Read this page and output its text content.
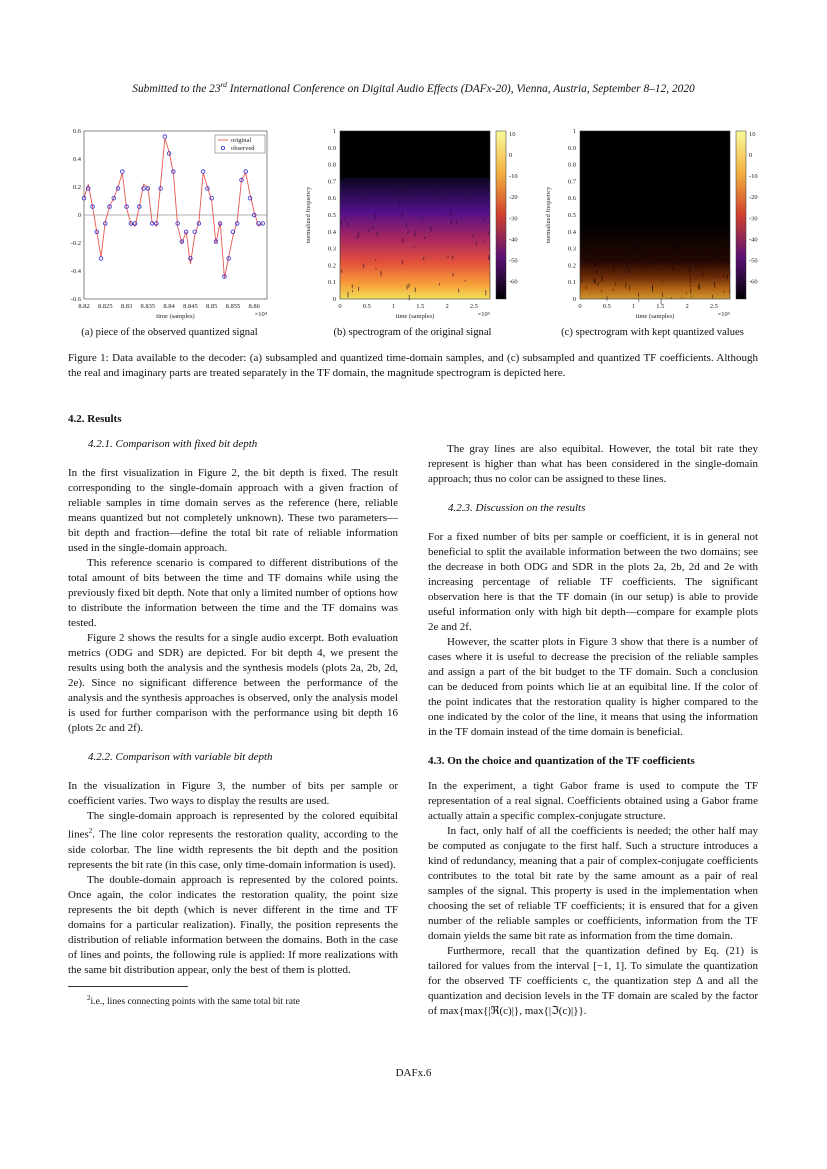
Submitted to the 23rd International Conference on Digital Audio Effects (DAFx-20), Vienna, Austria, September 8–12, 2020
0.6
0.4
0.2
0
-0.2
-0.4
-0.6
8.82 8.825 8.83 8.835 8.84 8.845 8.85 8.855 8.86
×10⁴
time (samples)
original
observed
1
0.9
0.8
0.7
0.6
0.5
0.4
0.3
0.2
0.1
0
normalized frequency
0	0.5	1	1.5	2	2.5
×10⁵
time (samples)
10
0
-10
-20
-30
-40
-50
-60
1
0.9
0.8
0.7
0.6
0.5
0.4
0.3
0.2
0.1
0
normalized frequency
0	0.5	1	1.5	2	2.5
×10⁵
time (samples)
10
0
-10
-20
-30
-40
-50
-60
(a) piece of the observed quantized signal	(b) spectrogram of the original signal	(c) spectrogram with kept quantized values
Figure 1: Data available to the decoder: (a) subsampled and quantized time-domain samples, and (c) subsampled and quantized TF coefficients. Although the real and imaginary parts are treated separately in the TF domain, the magnitude spectrogram is depicted here.
4.2. Results
4.2.1. Comparison with fixed bit depth

In the first visualization in Figure 2, the bit depth is fixed. The result corresponding to the single-domain approach with a given fraction of reliable samples in time domain serves as the reference (here, reliable means quantized but not completely unknown). These two parameters—bit depth and fraction—define the total bit rate of reliable information used in the single-domain approach.

This reference scenario is compared to different distributions of the total amount of bits between the time and TF domains while using the previously fixed bit depth. Note that only a limited number of options how to distribute the information between the time and the TF domains was tested.

Figure 2 shows the results for a single audio excerpt. Both evaluation metrics (ODG and SDR) are depicted. For bit depth 4, we present the results using both the analysis and the synthesis models (plots 2a, 2b, 2d, 2e). Since no significant difference between the performance of the analysis and the synthesis approaches is observed, only the analysis model is used for further comparison with the performance using bit depth 16 (plots 2c and 2f).

4.2.2. Comparison with variable bit depth

In the visualization in Figure 3, the number of bits per sample or coefficient varies. Two ways to display the results are used.

The single-domain approach is represented by the colored equibital lines$^2$. The line color represents the restoration quality, according to the side colorbar. The line width represents the bit depth and the position represents the bit rate (in this case, only time-domain information is used).

The double-domain approach is represented by the colored points. Once again, the color indicates the restoration quality, the point size represents the bit depth (which is never different in the time and TF domains for a particular realization). Finally, the position represents the distribution of reliable information between the domains. Both in the case of lines and points, the following rule is applied: If more realizations with the same bit distribution appear, only the best of them is plotted.

$^2$i.e., lines connecting points with the same total bit rate

The gray lines are also equibital. However, the total bit rate they represent is higher than what has been considered in the single-domain approach; thus no color can be assigned to these lines.

4.2.3. Discussion on the results

For a fixed number of bits per sample or coefficient, it is in general not beneficial to split the available information between the two domains; see the decrease in both ODG and SDR in the plots 2a, 2b, 2d and 2e with increasing percentage of reliable TF coefficients. The significant observation here is that the TF domain (in our setup) is able to provide useful information only with high bit depth—compare for example plots 2e and 2f.

However, the scatter plots in Figure 3 show that there is a number of cases where it is useful to decrease the precision of the reliable samples and assign a part of the bit budget to the TF domain. Such a conclusion can be deduced from points which lie at an equibital line. If the color of the point indicates that the restoration quality is higher compared to the one indicated by the color of the line, it means that using the information in the TF domain instead of the time domain is beneficial.

4.3. On the choice and quantization of the TF coefficients

In the experiment, a tight Gabor frame is used to compute the TF representation of a real signal. Coefficients obtained using a Gabor frame actually attain a specific complex-conjugate structure.

In fact, only half of all the coefficients is needed; the other half may be computed as conjugate to the first half. Such a structure introduces a kind of redundancy, meaning that a pair of complex-conjugate coefficients contributes to the total bit rate by the same amount as a pair of real samples of the signal. This property is used in the implementation when choosing the set of reliable TF coefficients; it is ensured that for a given number of the reliable samples or coefficients, information from the TF domain yields the same bit rate as information from the time domain.

Furthermore, recall that the quantization defined by Eq. (21) is tailored for values from the interval [−1, 1]. To simulate the quantization for the observed TF coefficients c, the quantization step Δ and all the quantization and decision levels in the TF domain are scaled by the factor of max{max{|ℜ(c)|}, max{|ℑ(c)|}}.

DAFx.6
